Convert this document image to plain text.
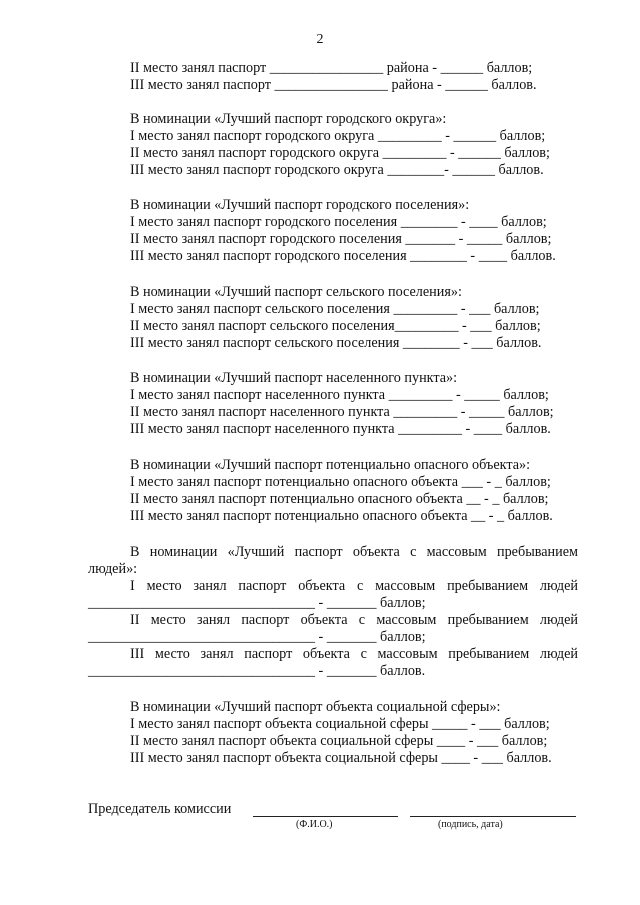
2
II место занял паспорт ________________ района - ______ баллов;
III место занял паспорт ________________ района - ______ баллов.
В номинации «Лучший паспорт городского округа»:
I место занял паспорт городского округа _________ - ______ баллов;
II место занял паспорт городского округа _________ - ______ баллов;
III место занял паспорт городского округа ________- ______ баллов.
В номинации «Лучший паспорт городского поселения»:
I место занял паспорт городского поселения ________ - ____ баллов;
II место занял паспорт городского поселения _______ - _____ баллов;
III место занял паспорт городского поселения ________ - ____ баллов.
В номинации «Лучший паспорт сельского поселения»:
I место занял паспорт сельского поселения _________ - ___ баллов;
II место занял паспорт сельского поселения_________ - ___ баллов;
III место занял паспорт сельского поселения ________ - ___ баллов.
В номинации «Лучший паспорт населенного пункта»:
I место занял паспорт населенного пункта _________ - _____ баллов;
II место занял паспорт населенного пункта _________ - _____ баллов;
III место занял паспорт населенного пункта _________ - ____ баллов.
В номинации «Лучший паспорт потенциально опасного объекта»:
I место занял паспорт потенциально опасного объекта ___ - _ баллов;
II место занял паспорт потенциально опасного объекта __ - _ баллов;
III место занял паспорт потенциально опасного объекта __ - _ баллов.
В номинации «Лучший паспорт объекта с массовым пребыванием
людей»:
I место занял паспорт объекта с массовым пребыванием людей
________________________________ - _______ баллов;
II место занял паспорт объекта с массовым пребыванием людей
________________________________ - _______ баллов;
III место занял паспорт объекта с массовым пребыванием людей
________________________________ - _______ баллов.
В номинации «Лучший паспорт объекта социальной сферы»:
I место занял паспорт объекта социальной сферы _____ - ___ баллов;
II место занял паспорт объекта социальной сферы ____ - ___ баллов;
III место занял паспорт объекта социальной сферы ____ - ___ баллов.
Председатель комиссии
(Ф.И.О.)	(подпись, дата)
